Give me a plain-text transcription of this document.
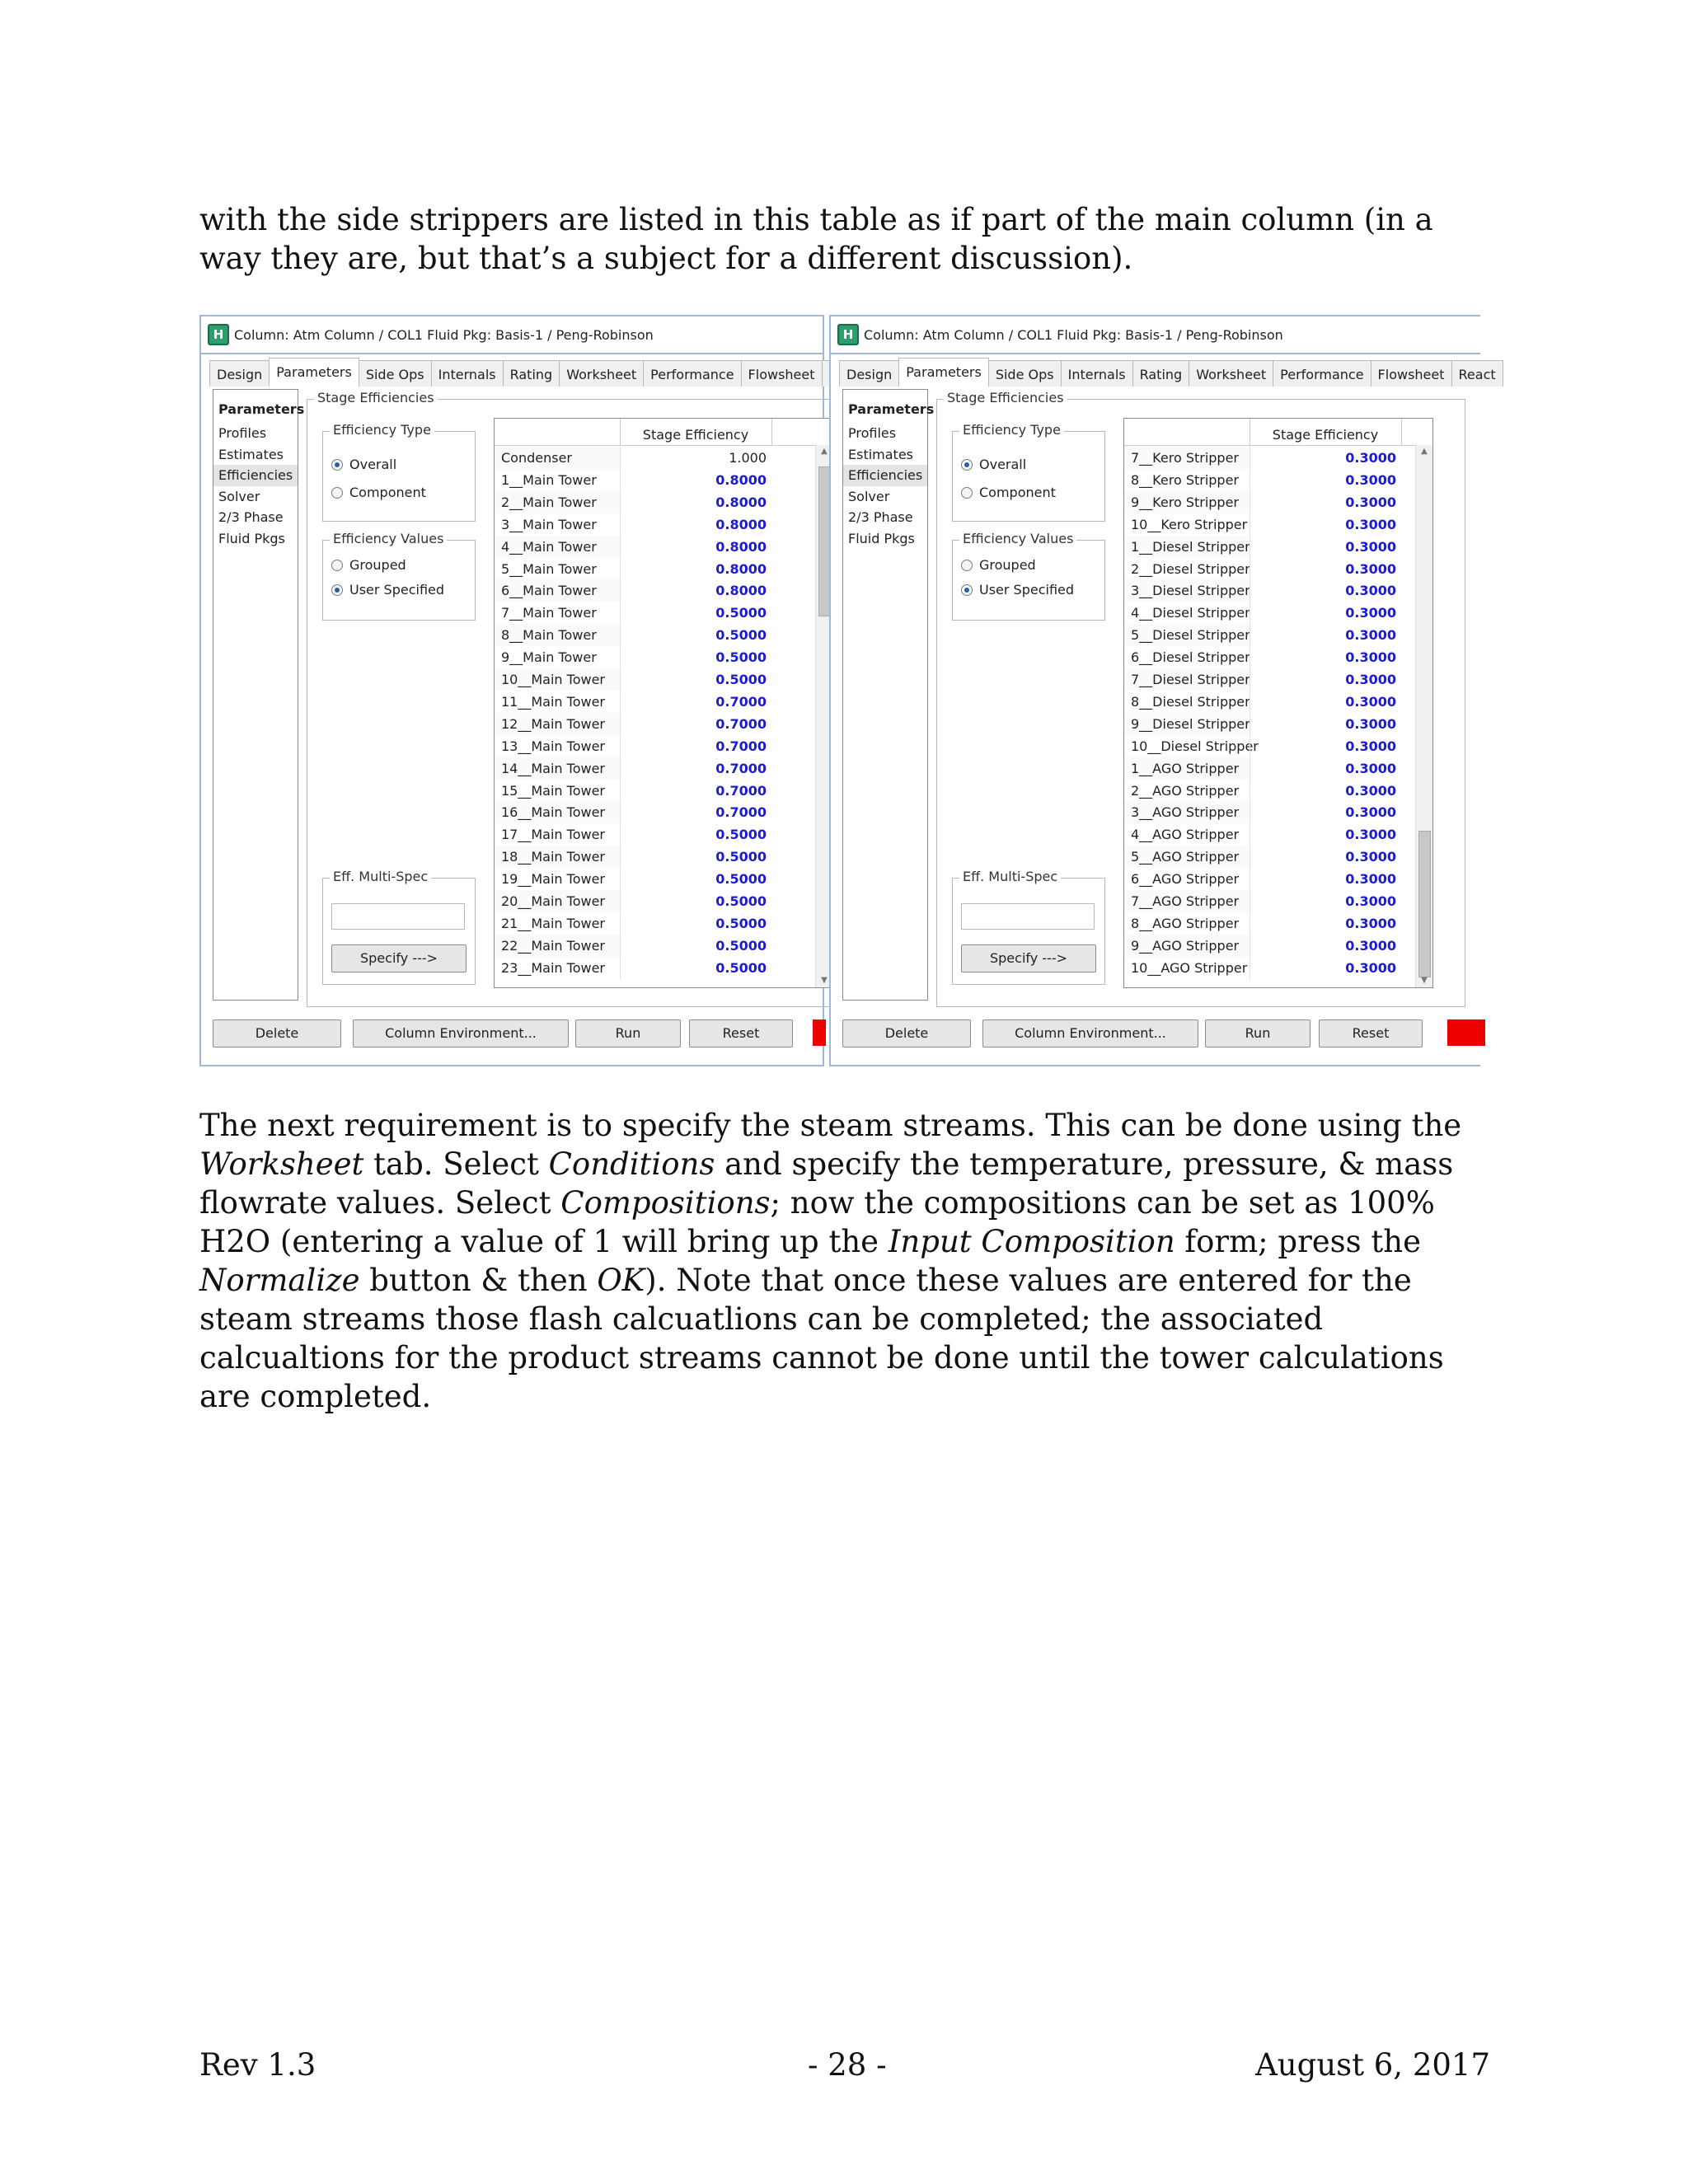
with the side strippers are listed in this table as if part of the main column (in a way they are, but that’s a subject for a different discussion).

H Column: Atm Column / COL1 Fluid Pkg: Basis-1 / Peng-Robinson
Design	Parameters	Side Ops	Internals	Rating	Worksheet	Performance	Flowsheet
Parameters
Profiles
Estimates
Efficiencies
Solver
2/3 Phase
Fluid Pkgs
Stage Efficiencies
Efficiency Type
Overall
Component
Efficiency Values
Grouped
User Specified
Eff. Multi-Spec
Specify --->
Stage Efficiency
Condenser	1.000
1__Main Tower	0.8000
2__Main Tower	0.8000
3__Main Tower	0.8000
4__Main Tower	0.8000
5__Main Tower	0.8000
6__Main Tower	0.8000
7__Main Tower	0.5000
8__Main Tower	0.5000
9__Main Tower	0.5000
10__Main Tower	0.5000
11__Main Tower	0.7000
12__Main Tower	0.7000
13__Main Tower	0.7000
14__Main Tower	0.7000
15__Main Tower	0.7000
16__Main Tower	0.7000
17__Main Tower	0.5000
18__Main Tower	0.5000
19__Main Tower	0.5000
20__Main Tower	0.5000
21__Main Tower	0.5000
22__Main Tower	0.5000
23__Main Tower	0.5000
▲
▼
Delete	Column Environment...	Run	Reset
H Column: Atm Column / COL1 Fluid Pkg: Basis-1 / Peng-Robinson
Design	Parameters	Side Ops	Internals	Rating	Worksheet	Performance	Flowsheet	React
Parameters
Profiles
Estimates
Efficiencies
Solver
2/3 Phase
Fluid Pkgs
Stage Efficiencies
Efficiency Type
Overall
Component
Efficiency Values
Grouped
User Specified
Eff. Multi-Spec
Specify --->
Stage Efficiency
7__Kero Stripper	0.3000
8__Kero Stripper	0.3000
9__Kero Stripper	0.3000
10__Kero Stripper	0.3000
1__Diesel Stripper	0.3000
2__Diesel Stripper	0.3000
3__Diesel Stripper	0.3000
4__Diesel Stripper	0.3000
5__Diesel Stripper	0.3000
6__Diesel Stripper	0.3000
7__Diesel Stripper	0.3000
8__Diesel Stripper	0.3000
9__Diesel Stripper	0.3000
10__Diesel Stripper	0.3000
1__AGO Stripper	0.3000
2__AGO Stripper	0.3000
3__AGO Stripper	0.3000
4__AGO Stripper	0.3000
5__AGO Stripper	0.3000
6__AGO Stripper	0.3000
7__AGO Stripper	0.3000
8__AGO Stripper	0.3000
9__AGO Stripper	0.3000
10__AGO Stripper	0.3000
▲
▼
Delete	Column Environment...	Run	Reset

The next requirement is to specify the steam streams. This can be done using the Worksheet tab. Select Conditions and specify the temperature, pressure, & mass flowrate values. Select Compositions; now the compositions can be set as 100% H2O (entering a value of 1 will bring up the Input Composition form; press the Normalize button & then OK). Note that once these values are entered for the steam streams those flash calcuatlions can be completed; the associated calcualtions for the product streams cannot be done until the tower calculations are completed.

Rev 1.3	- 28 -	August 6, 2017
